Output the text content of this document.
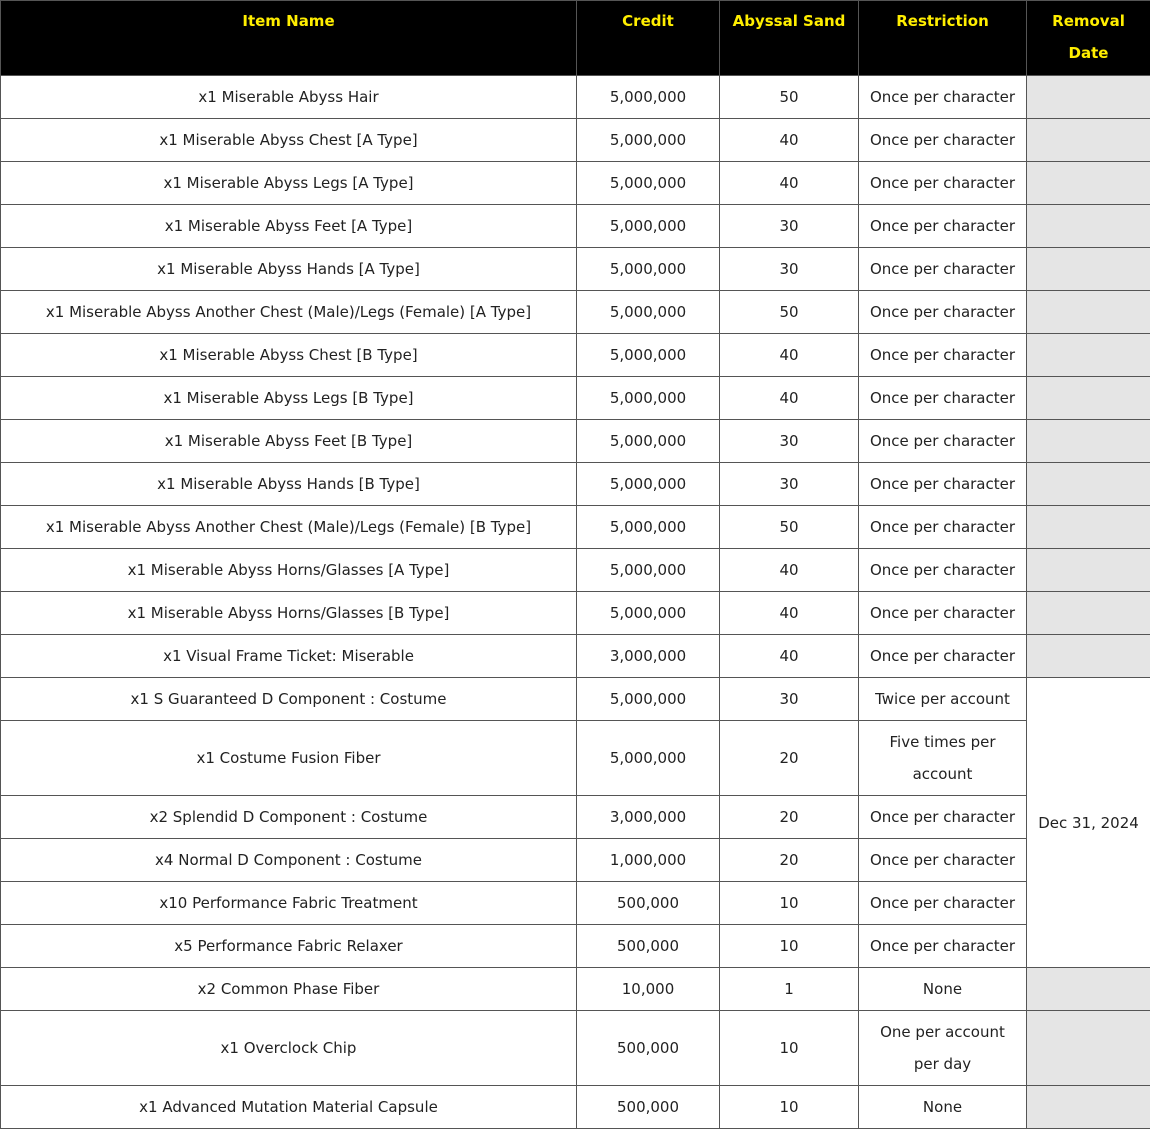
Item Name	Credit	Abyssal Sand	Restriction	Removal Date
x1 Miserable Abyss Hair	5,000,000	50	Once per character	
x1 Miserable Abyss Chest [A Type]	5,000,000	40	Once per character	
x1 Miserable Abyss Legs [A Type]	5,000,000	40	Once per character	
x1 Miserable Abyss Feet [A Type]	5,000,000	30	Once per character	
x1 Miserable Abyss Hands [A Type]	5,000,000	30	Once per character	
x1 Miserable Abyss Another Chest (Male)/Legs (Female) [A Type]	5,000,000	50	Once per character	
x1 Miserable Abyss Chest [B Type]	5,000,000	40	Once per character	
x1 Miserable Abyss Legs [B Type]	5,000,000	40	Once per character	
x1 Miserable Abyss Feet [B Type]	5,000,000	30	Once per character	
x1 Miserable Abyss Hands [B Type]	5,000,000	30	Once per character	
x1 Miserable Abyss Another Chest (Male)/Legs (Female) [B Type]	5,000,000	50	Once per character	
x1 Miserable Abyss Horns/Glasses [A Type]	5,000,000	40	Once per character	
x1 Miserable Abyss Horns/Glasses [B Type]	5,000,000	40	Once per character	
x1 Visual Frame Ticket: Miserable	3,000,000	40	Once per character	
x1 S Guaranteed D Component : Costume	5,000,000	30	Twice per account	Dec 31, 2024
x1 Costume Fusion Fiber	5,000,000	20	Five times per account	
x2 Splendid D Component : Costume	3,000,000	20	Once per character	
x4 Normal D Component : Costume	1,000,000	20	Once per character	
x10 Performance Fabric Treatment	500,000	10	Once per character	
x5 Performance Fabric Relaxer	500,000	10	Once per character	
x2 Common Phase Fiber	10,000	1	None	
x1 Overclock Chip	500,000	10	One per account per day	
x1 Advanced Mutation Material Capsule	500,000	10	None	
